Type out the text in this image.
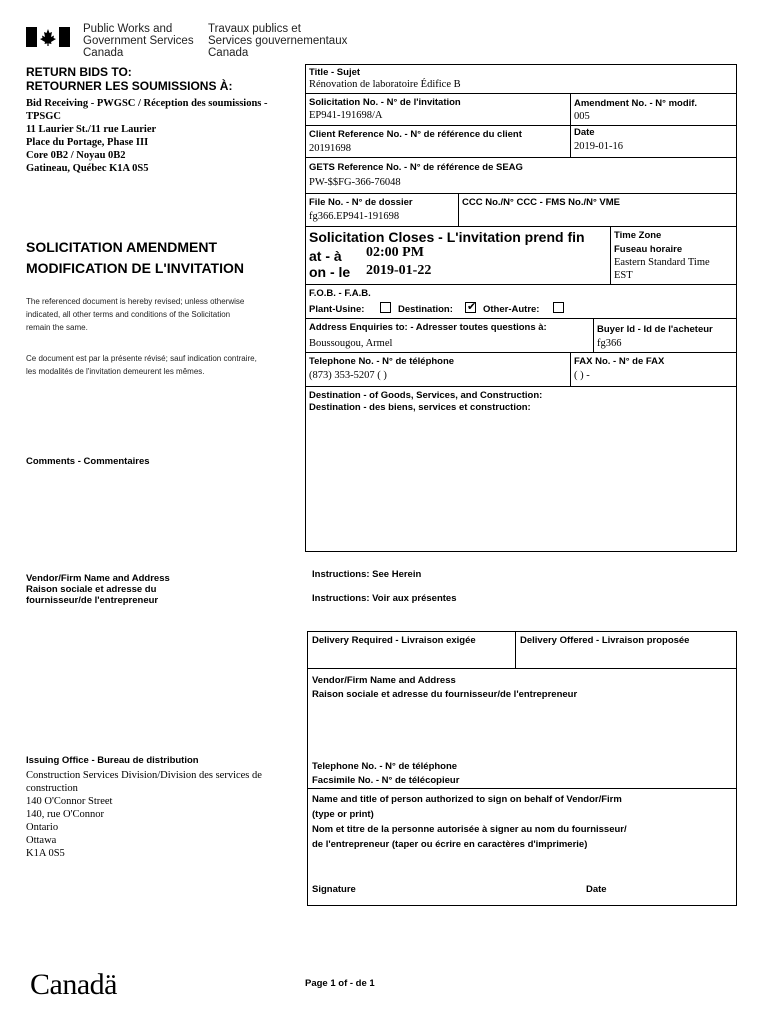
Public Works and
Government Services
Canada
Travaux publics et
Services gouvernementaux
Canada
RETURN BIDS TO:
RETOURNER LES SOUMISSIONS À:
Bid Receiving - PWGSC / Réception des soumissions -
TPSGC
11 Laurier St./11 rue Laurier
Place du Portage, Phase III
Core 0B2 / Noyau 0B2
Gatineau, Québec K1A 0S5
SOLICITATION AMENDMENT
MODIFICATION DE L'INVITATION
The referenced document is hereby revised; unless otherwise
indicated, all other terms and conditions of the Solicitation
remain the same.
Ce document est par la présente révisé; sauf indication contraire,
les modalités de l'invitation demeurent les mêmes.
Comments - Commentaires
Vendor/Firm Name and Address
Raison sociale et adresse du
fournisseur/de l'entrepreneur
Issuing Office - Bureau de distribution
Construction Services Division/Division des services de
construction
140 O'Connor Street
140, rue O'Connor
Ontario
Ottawa
K1A 0S5
Title - Sujet
Rénovation de laboratoire Édifice B
Solicitation No. - N° de l'invitation
EP941-191698/A
Amendment No. - N° modif.
005
Client Reference No. - N° de référence du client
20191698
Date
2019-01-16
GETS Reference No. - N° de référence de SEAG
PW-$$FG-366-76048
File No. - N° de dossier
fg366.EP941-191698
CCC No./N° CCC - FMS No./N° VME
Solicitation Closes - L'invitation prend fin
at - à 02:00 PM
on - le 2019-01-22
Time Zone
Fuseau horaire
Eastern Standard Time
EST
F.O.B. - F.A.B.
Plant-Usine:	Destination: ✔ Other-Autre:
Address Enquiries to: - Adresser toutes questions à:
Boussougou, Armel
Buyer Id - Id de l'acheteur
fg366
Telephone No. - N° de téléphone
(873) 353-5207 ( )
FAX No. - N° de FAX
( ) -
Destination - of Goods, Services, and Construction:
Destination - des biens, services et construction:
Instructions: See Herein
Instructions: Voir aux présentes
Delivery Required - Livraison exigée	Delivery Offered - Livraison proposée
Vendor/Firm Name and Address
Raison sociale et adresse du fournisseur/de l'entrepreneur
Telephone No. - N° de téléphone
Facsimile No. - N° de télécopieur
Name and title of person authorized to sign on behalf of Vendor/Firm
(type or print)
Nom et titre de la personne autorisée à signer au nom du fournisseur/
de l'entrepreneur (taper ou écrire en caractères d'imprimerie)
Signature	Date
Canadä	Page 1 of - de 1
